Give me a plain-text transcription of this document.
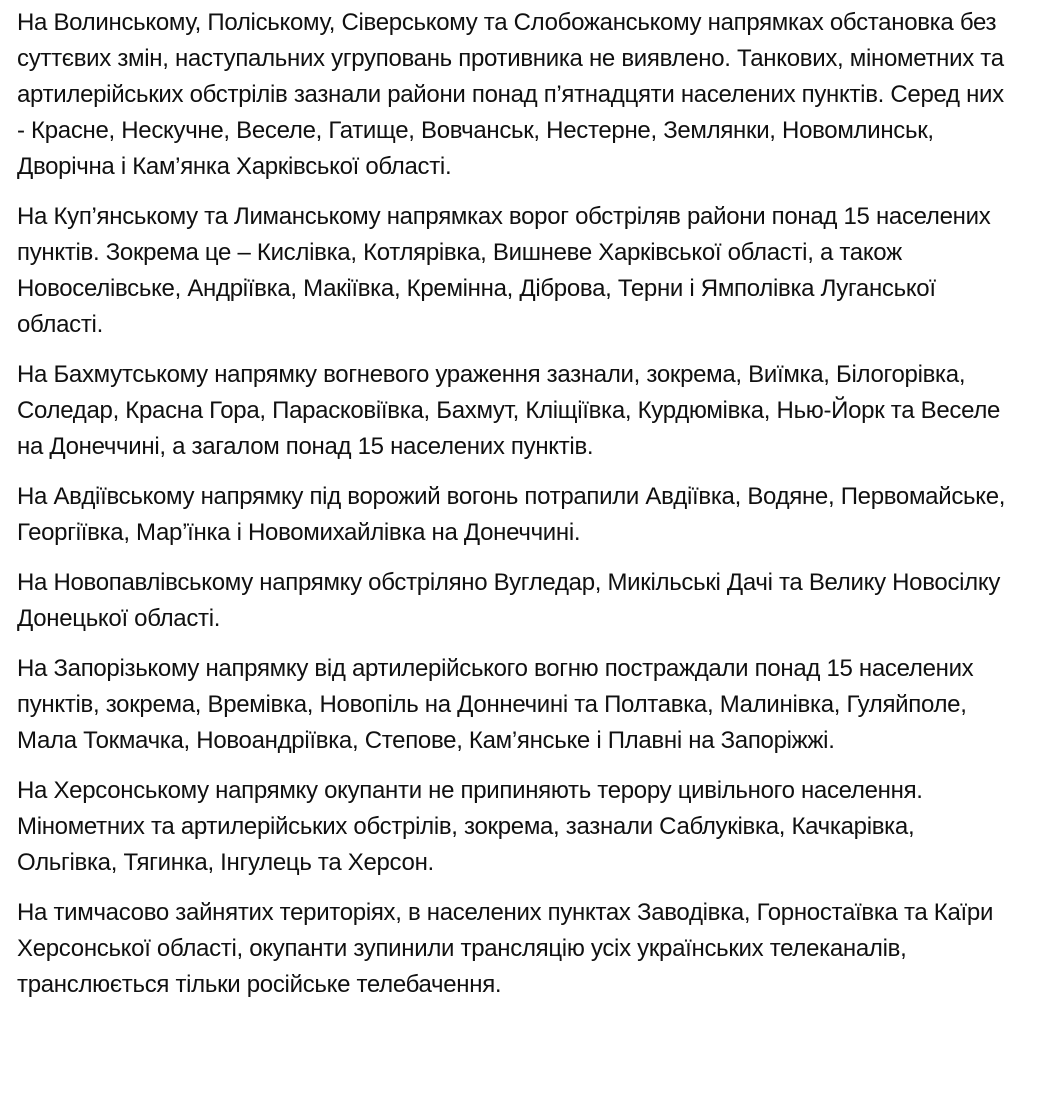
На Волинському, Поліському, Сіверському та Слобожанському напрямках обстановка без суттєвих змін, наступальних угруповань противника не виявлено. Танкових, мінометних та артилерійських обстрілів зазнали райони понад п’ятнадцяти населених пунктів. Серед них - Красне, Нескучне, Веселе, Гатище, Вовчанськ, Нестерне, Землянки, Новомлинськ, Дворічна і Кам’янка Харківської області.

На Куп’янському та Лиманському напрямках ворог обстріляв райони понад 15 населених пунктів. Зокрема це – Кислівка, Котлярівка, Вишневе Харківської області, а також Новоселівське, Андріївка, Макіївка, Кремінна, Діброва, Терни і Ямполівка Луганської області.

На Бахмутському напрямку вогневого ураження зазнали, зокрема, Виїмка, Білогорівка, Соледар, Красна Гора, Парасковіївка, Бахмут, Кліщіївка, Курдюмівка, Нью-Йорк та Веселе на Донеччині, а загалом понад 15 населених пунктів.

На Авдіївському напрямку під ворожий вогонь потрапили Авдіївка, Водяне, Первомайське, Георгіївка, Мар’їнка і Новомихайлівка на Донеччині.

На Новопавлівському напрямку обстріляно Вугледар, Микільські Дачі та Велику Новосілку Донецької області.

На Запорізькому напрямку від артилерійського вогню постраждали понад 15 населених пунктів, зокрема, Времівка, Новопіль на Доннечині та Полтавка, Малинівка, Гуляйполе, Мала Токмачка, Новоандріївка, Степове, Кам’янське і Плавні на Запоріжжі.

На Херсонському напрямку окупанти не припиняють терору цивільного населення. Мінометних та артилерійських обстрілів, зокрема, зазнали Саблуківка, Качкарівка, Ольгівка, Тягинка, Інгулець та Херсон.

На тимчасово зайнятих територіях, в населених пунктах Заводівка, Горностаївка та Каїри Херсонської області, окупанти зупинили трансляцію усіх українських телеканалів, транслюється тільки російське телебачення.
